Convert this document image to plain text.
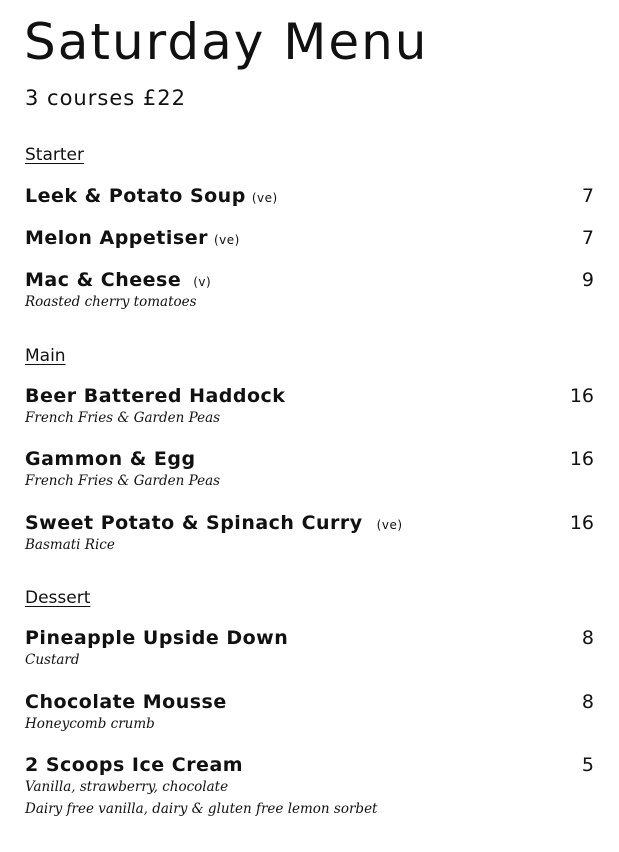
Saturday Menu
3 courses £22
Starter
Leek & Potato Soup (ve)	7
Melon Appetiser (ve)	7
Mac & Cheese (v)	9
Roasted cherry tomatoes
Main
Beer Battered Haddock	16
French Fries & Garden Peas
Gammon & Egg	16
French Fries & Garden Peas
Sweet Potato & Spinach Curry (ve)	16
Basmati Rice
Dessert
Pineapple Upside Down	8
Custard
Chocolate Mousse	8
Honeycomb crumb
2 Scoops Ice Cream	5
Vanilla, strawberry, chocolate
Dairy free vanilla, dairy & gluten free lemon sorbet
